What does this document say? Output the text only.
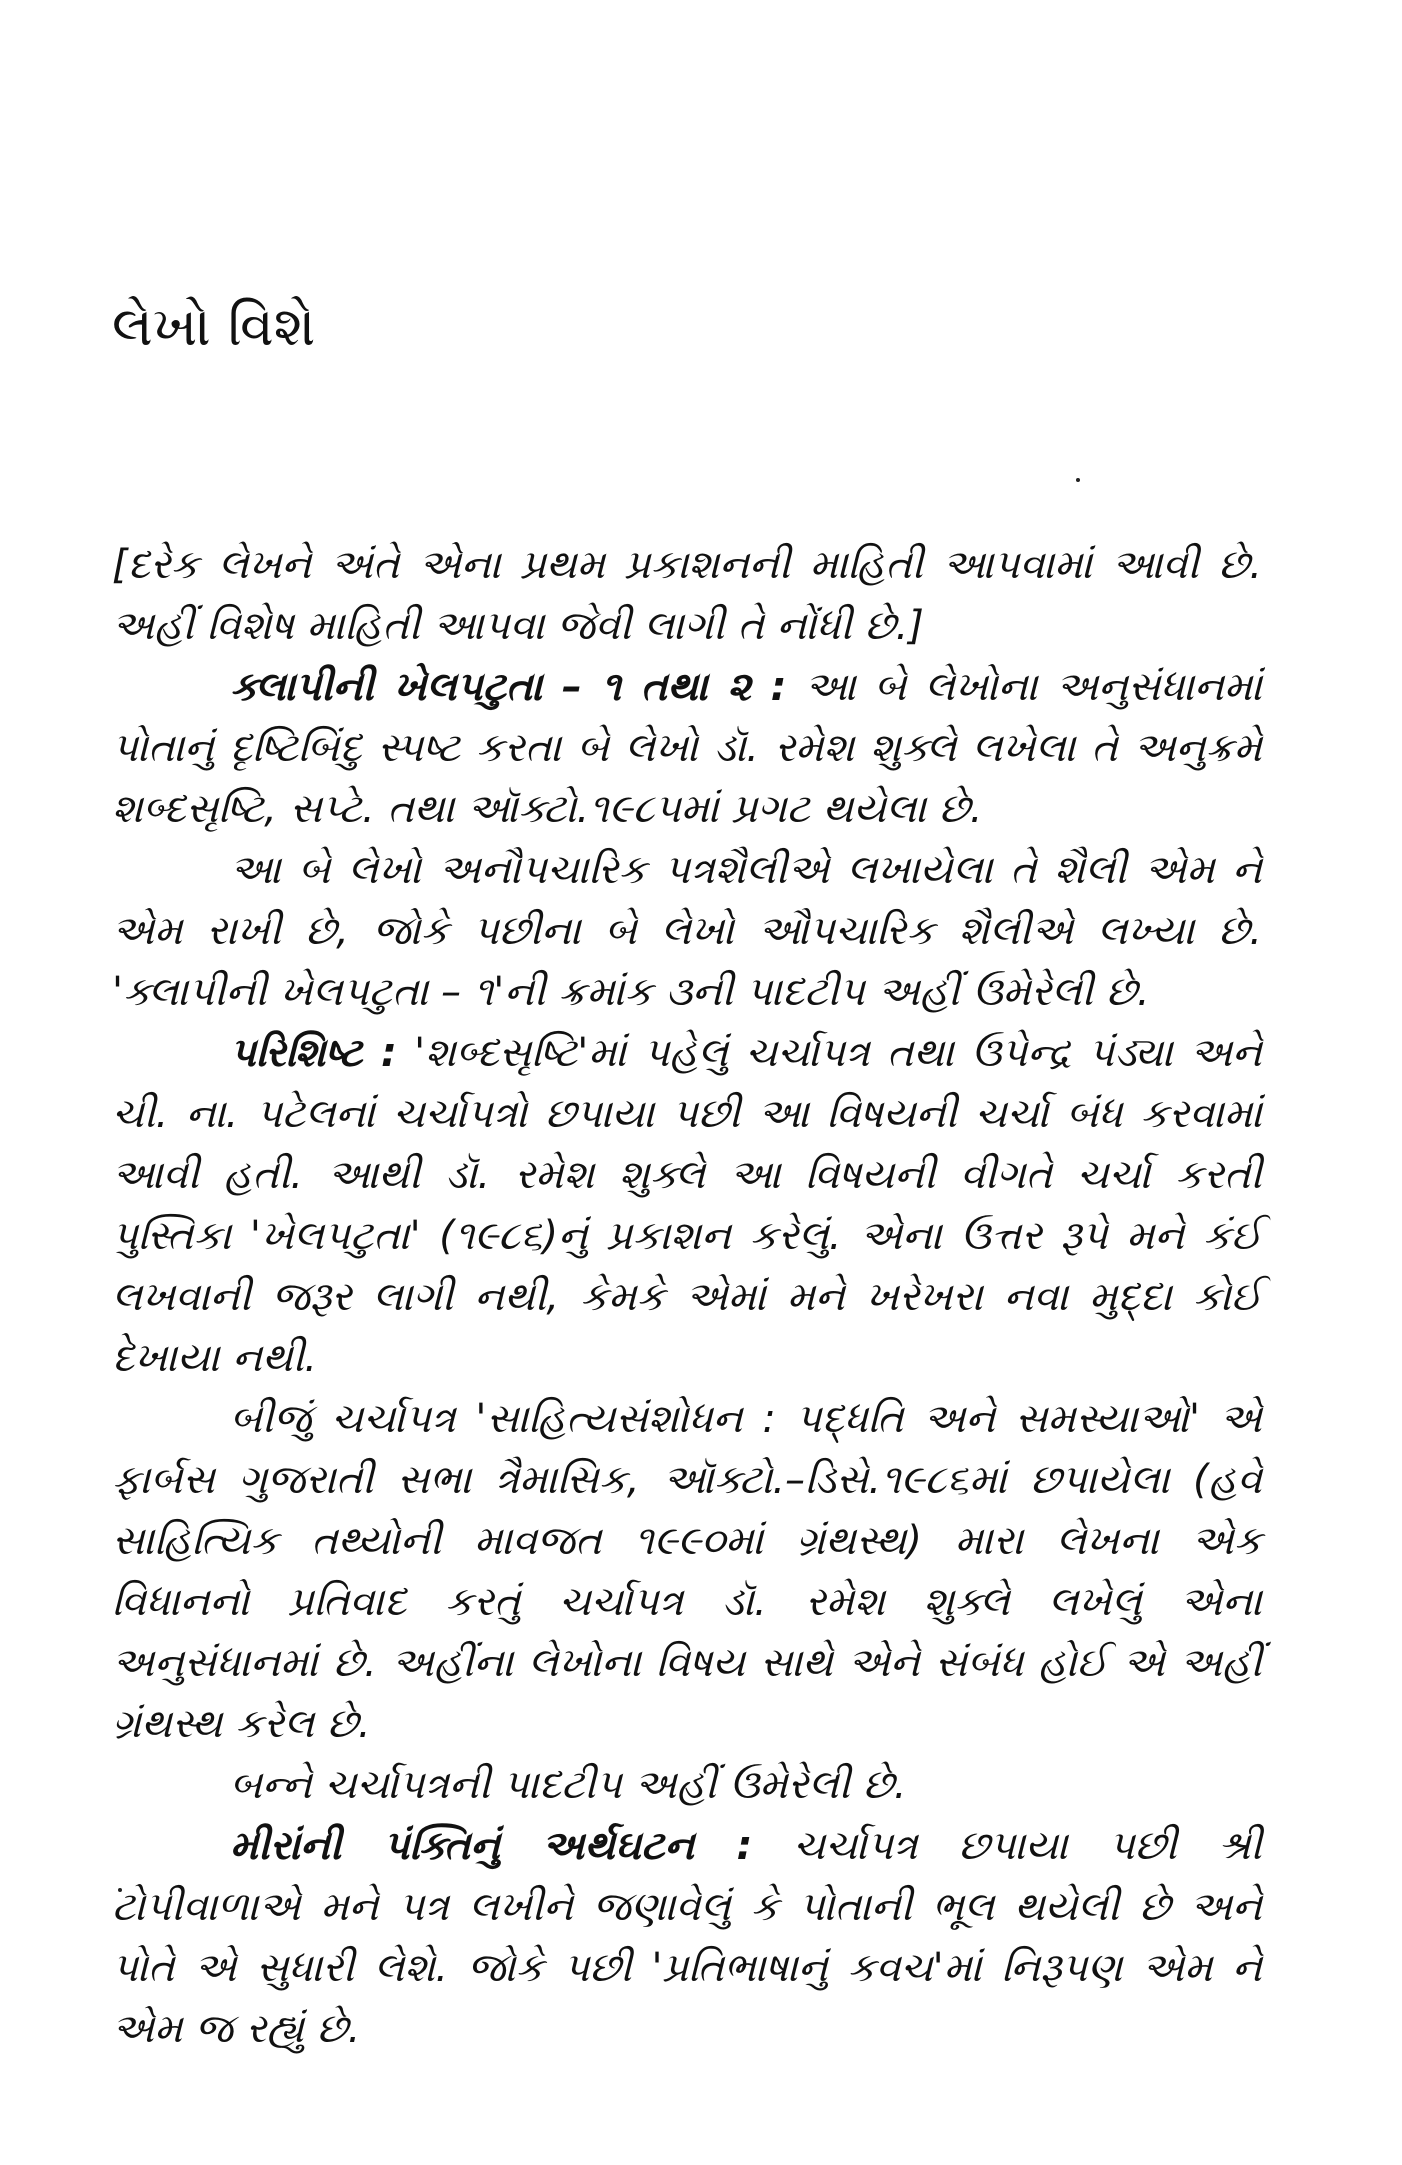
લેખો વિશે

[દરેક લેખને અંતે એના પ્રથમ પ્રકાશનની માહિતી આપવામાં આવી છે. અહીં વિશેષ માહિતી આપવા જેવી લાગી તે નોંધી છે.]

ક્લાપીની ખેલપટુતા – ૧ તથા ૨ : આ બે લેખોના અનુસંધાનમાં પોતાનું દૃષ્ટિબિંદુ સ્પષ્ટ કરતા બે લેખો ડૉ. રમેશ શુક્લે લખેલા તે અનુક્રમે શબ્દસૃષ્ટિ, સપ્ટે. તથા ઑક્ટો.૧૯૮૫માં પ્રગટ થયેલા છે.

આ બે લેખો અનૌપચારિક પત્રશૈલીએ લખાયેલા તે શૈલી એમ ને એમ રાખી છે, જોકે પછીના બે લેખો ઔપચારિક શૈલીએ લખ્યા છે. 'ક્લાપીની ખેલપટુતા – ૧'ની ક્રમાંક ૩ની પાદટીપ અહીં ઉમેરેલી છે.

પરિશિષ્ટ : 'શબ્દસૃષ્ટિ'માં પહેલું ચર્ચાપત્ર તથા ઉપેન્દ્ર પંડ્યા અને ચી. ના. પટેલનાં ચર્ચાપત્રો છપાયા પછી આ વિષયની ચર્ચા બંધ કરવામાં આવી હતી. આથી ડૉ. રમેશ શુક્લે આ વિષયની વીગતે ચર્ચા કરતી પુસ્તિકા 'ખેલપટુતા' (૧૯૮૬)નું પ્રકાશન કરેલું. એના ઉત્તર રૂપે મને કંઈ લખવાની જરૂર લાગી નથી, કેમકે એમાં મને ખરેખરા નવા મુદ્દા કોઈ દેખાયા નથી.

બીજું ચર્ચાપત્ર 'સાહિત્યસંશોધન : પદ્ધતિ અને સમસ્યાઓ' એ ફાર્બસ ગુજરાતી સભા ત્રૈમાસિક, ઑક્ટો.–ડિસે.૧૯૮૬માં છપાયેલા (હવે સાહિત્યિક તથ્યોની માવજત ૧૯૯૦માં ગ્રંથસ્થ) મારા લેખના એક વિધાનનો પ્રતિવાદ કરતું ચર્ચાપત્ર ડૉ. રમેશ શુક્લે લખેલું એના અનુસંધાનમાં છે. અહીંના લેખોના વિષય સાથે એને સંબંધ હોઈ એ અહીં ગ્રંથસ્થ કરેલ છે.

બન્ને ચર્ચાપત્રની પાદટીપ અહીં ઉમેરેલી છે.

મીરાંની પંક્તિનું અર્થઘટન : ચર્ચાપત્ર છપાયા પછી શ્રી ટોપીવાળાએ મને પત્ર લખીને જણાવેલું કે પોતાની ભૂલ થયેલી છે અને પોતે એ સુધારી લેશે. જોકે પછી 'પ્રતિભાષાનું કવચ'માં નિરૂપણ એમ ને એમ જ રહ્યું છે.
